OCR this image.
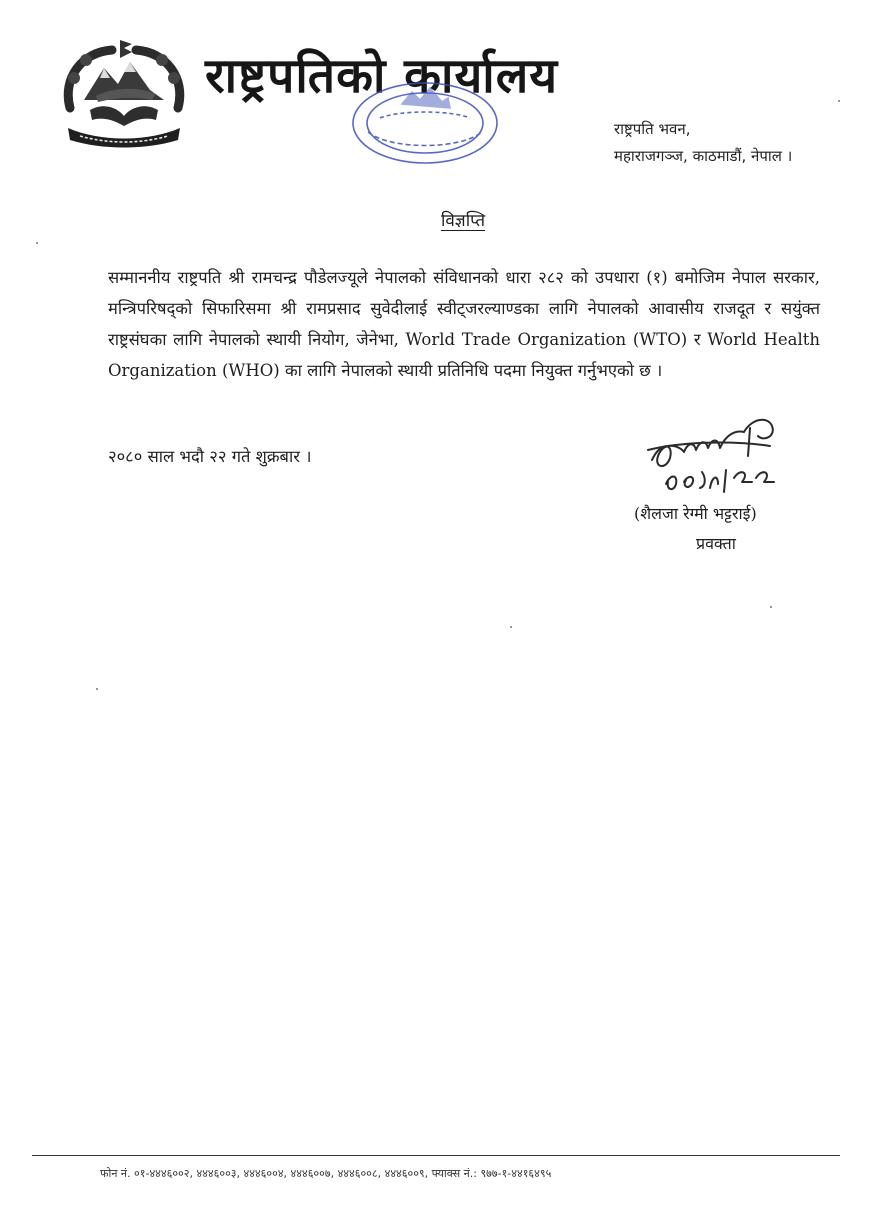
राष्ट्रपतिको कार्यालय
राष्ट्रपति भवन,
महाराजगञ्ज, काठमाडौं, नेपाल ।
विज्ञप्ति
सम्माननीय राष्ट्रपति श्री रामचन्द्र पौडेलज्यूले नेपालको संविधानको धारा २८२ को उपधारा (१) बमोजिम नेपाल सरकार, मन्त्रिपरिषद्को सिफारिसमा श्री रामप्रसाद सुवेदीलाई स्वीट्जरल्याण्डका लागि नेपालको आवासीय राजदूत र सयुंक्त राष्ट्रसंघका लागि नेपालको स्थायी नियोग, जेनेभा, World Trade Organization (WTO) र World Health Organization (WHO) का लागि नेपालको स्थायी प्रतिनिधि पदमा नियुक्त गर्नुभएको छ ।
२०८० साल भदौ २२ गते शुक्रबार ।
(शैलजा रेग्मी भट्टराई)
प्रवक्ता
फोन नं. ०१-४४४६००२, ४४४६००३, ४४४६००४, ४४४६००७, ४४४६००८, ४४४६००९, फ्याक्स नं.: ९७७-१-४४१६४९५
